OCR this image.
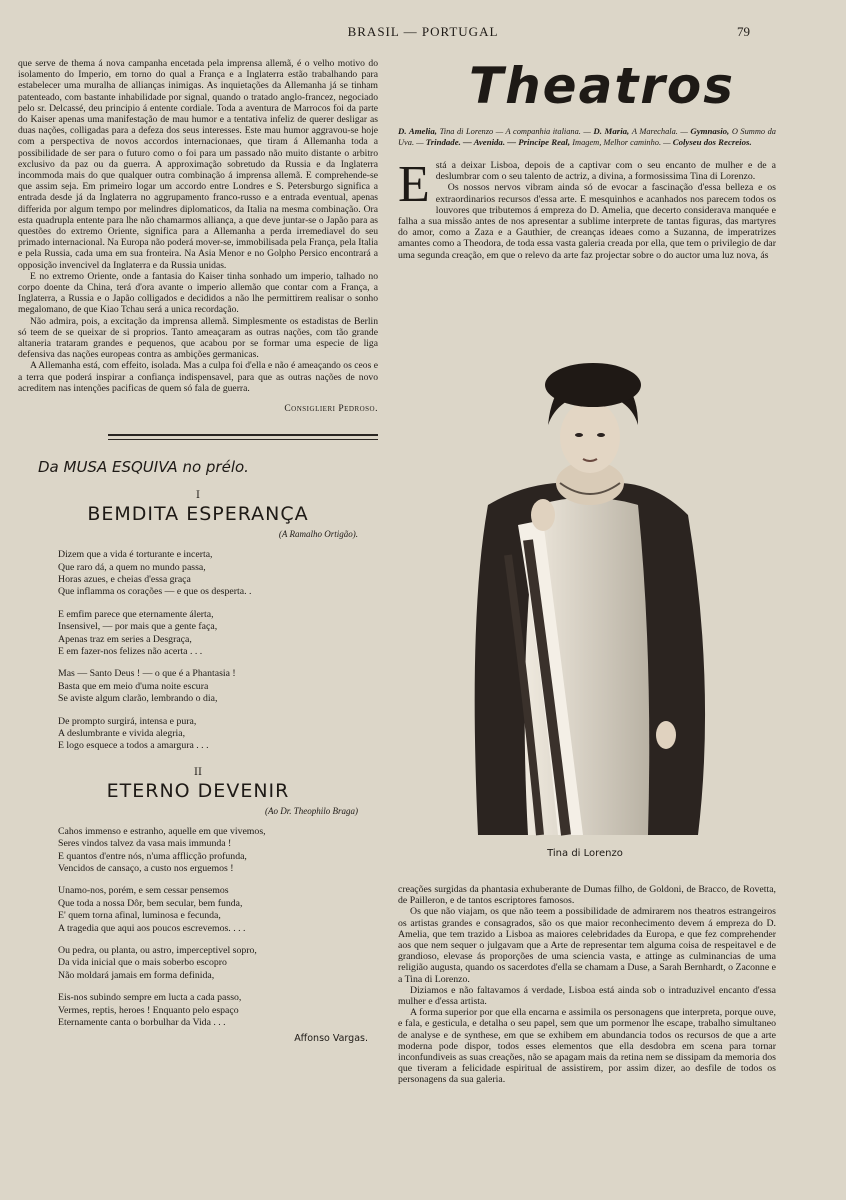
BRASIL — PORTUGAL	79

que serve de thema á nova campanha encetada pela imprensa allemã, é o velho motivo do isolamento do Imperio, em torno do qual a França e a Inglaterra estão trabalhando para estabelecer uma muralha de allianças inimigas. As inquietações da Allemanha já se tinham patenteado, com bastante inhabilidade por signal, quando o tratado anglo-francez, negociado pelo sr. Delcassé, deu principio á entente cordiale. Toda a aventura de Marrocos foi da parte do Kaiser apenas uma manifestação de mau humor e a tentativa infeliz de querer desligar as duas nações, colligadas para a defeza dos seus interesses. Este mau humor aggravou-se hoje com a perspectiva de novos accordos internacionaes, que tiram á Allemanha toda a possibilidade de ser para o futuro como o foi para um passado não muito distante o arbitro exclusivo da paz ou da guerra. A approximação sobretudo da Russia e da Inglaterra incommoda mais do que qualquer outra combinação á imprensa allemã. E comprehende-se que assim seja. Em primeiro logar um accordo entre Londres e S. Petersburgo significa a entrada desde já da Inglaterra no aggrupamento franco-russo e a entrada eventual, apenas differida por algum tempo por melindres diplomaticos, da Italia na mesma combinação. Ora esta quadrupla entente para lhe não chamarmos alliança, a que deve juntar-se o Japão para as questões do extremo Oriente, significa para a Allemanha a perda irremediavel do seu primado internacional. Na Europa não poderá mover-se, immobilisada pela França, pela Italia e pela Russia, cada uma em sua fronteira. Na Asia Menor e no Golpho Persico encontrará a opposição invencivel da Inglaterra e da Russia unidas.

E no extremo Oriente, onde a fantasia do Kaiser tinha sonhado um imperio, talhado no corpo doente da China, terá d'ora avante o imperio allemão que contar com a França, a Inglaterra, a Russia e o Japão colligados e decididos a não lhe permittirem realisar o sonho megalomano, de que Kiao Tchau será a unica recordação.

Não admira, pois, a excitação da imprensa allemã. Simplesmente os estadistas de Berlin só teem de se queixar de si proprios. Tanto ameaçaram as outras nações, com tão grande altaneria trataram grandes e pequenos, que acabou por se formar uma especie de liga defensiva das nações europeas contra as ambições germanicas.

A Allemanha está, com effeito, isolada. Mas a culpa foi d'ella e não é ameaçando os ceos e a terra que poderá inspirar a confiança indispensavel, para que as outras nações de novo acreditem nas intenções pacificas de quem só fala de guerra.

Consiglieri Pedroso.
Da MUSA ESQUIVA no prélo.
I
BEMDITA ESPERANÇA
(A Ramalho Ortigão).
Dizem que a vida é torturante e incerta,
Que raro dá, a quem no mundo passa,
Horas azues, e cheias d'essa graça
Que inflamma os corações — e que os desperta. .
E emfim parece que eternamente álerta,
Insensivel, — por mais que a gente faça,
Apenas traz em series a Desgraça,
E em fazer-nos felizes não acerta . . .
Mas — Santo Deus ! — o que é a Phantasia !
Basta que em meio d'uma noite escura
Se aviste algum clarão, lembrando o dia,
De prompto surgirá, intensa e pura,
A deslumbrante e vivida alegria,
E logo esquece a todos a amargura . . .
II
ETERNO DEVENIR
(Ao Dr. Theophilo Braga)
Cahos immenso e estranho, aquelle em que vivemos,
Seres vindos talvez da vasa mais immunda !
E quantos d'entre nós, n'uma afflicção profunda,
Vencidos de cansaço, a custo nos erguemos !
Unamo-nos, porém, e sem cessar pensemos
Que toda a nossa Dôr, bem secular, bem funda,
E' quem torna afinal, luminosa e fecunda,
A tragedia que aqui aos poucos escrevemos. . . .
Ou pedra, ou planta, ou astro, imperceptivel sopro,
Da vida inicial que o mais soberbo escopro
Não moldará jamais em forma definida,
Eis-nos subindo sempre em lucta a cada passo,
Vermes, reptis, heroes ! Enquanto pelo espaço
Eternamente canta o borbulhar da Vida . . .
Affonso Vargas.
Theatros
D. Amelia, Tina di Lorenzo — A companhia italiana. — D. Maria, A Marechala. — Gymnasio, O Summo da Uva. — Trindade. — Avenida. — Principe Real, Imagem, Melhor caminho. — Colyseu dos Recreios.
E stá a deixar Lisboa, depois de a captivar com o seu encanto de mulher e de a deslumbrar com o seu talento de actriz, a divina, a formosissima Tina di Lorenzo.

Os nossos nervos vibram ainda só de evocar a fascinação d'essa belleza e os extraordinarios recursos d'essa arte. E mesquinhos e acanhados nos parecem todos os louvores que tributemos á empreza do D. Amelia, que decerto considerava manquée e falha a sua missão antes de nos apresentar a sublime interprete de tantas figuras, das martyres do amor, como a Zaza e a Gauthier, de creanças ideaes como a Suzanna, de imperatrizes amantes como a Theodora, de toda essa vasta galeria creada por ella, que tem o privilegio de dar uma segunda creação, em que o relevo da arte faz projectar sobre o do auctor uma luz nova, ás

Tina di Lorenzo

creações surgidas da phantasia exhuberante de Dumas filho, de Goldoni, de Bracco, de Rovetta, de Pailleron, e de tantos escriptores famosos.

Os que não viajam, os que não teem a possibilidade de admirarem nos theatros estrangeiros os artistas grandes e consagrados, são os que maior reconhecimento devem á empreza do D. Amelia, que tem trazido a Lisboa as maiores celebridades da Europa, e que fez comprehender aos que nem sequer o julgavam que a Arte de representar tem alguma coisa de respeitavel e de grandioso, elevase ás proporções de uma sciencia vasta, e attinge as culminancias de uma religião augusta, quando os sacerdotes d'ella se chamam a Duse, a Sarah Bernhardt, o Zaconne e a Tina di Lorenzo.

Diziamos e não faltavamos á verdade, Lisboa está ainda sob o intraduzivel encanto d'essa mulher e d'essa artista.

A forma superior por que ella encarna e assimila os personagens que interpreta, porque ouve, e fala, e gesticula, e detalha o seu papel, sem que um pormenor lhe escape, trabalho simultaneo de analyse e de synthese, em que se exhibem em abundancia todos os recursos de que a arte moderna pode dispor, todos esses elementos que ella desdobra em scena para tornar inconfundiveis as suas creações, não se apagam mais da retina nem se dissipam da memoria dos que tiveram a felicidade espiritual de assistirem, por assim dizer, ao desfile de todos os personagens da sua galeria.
